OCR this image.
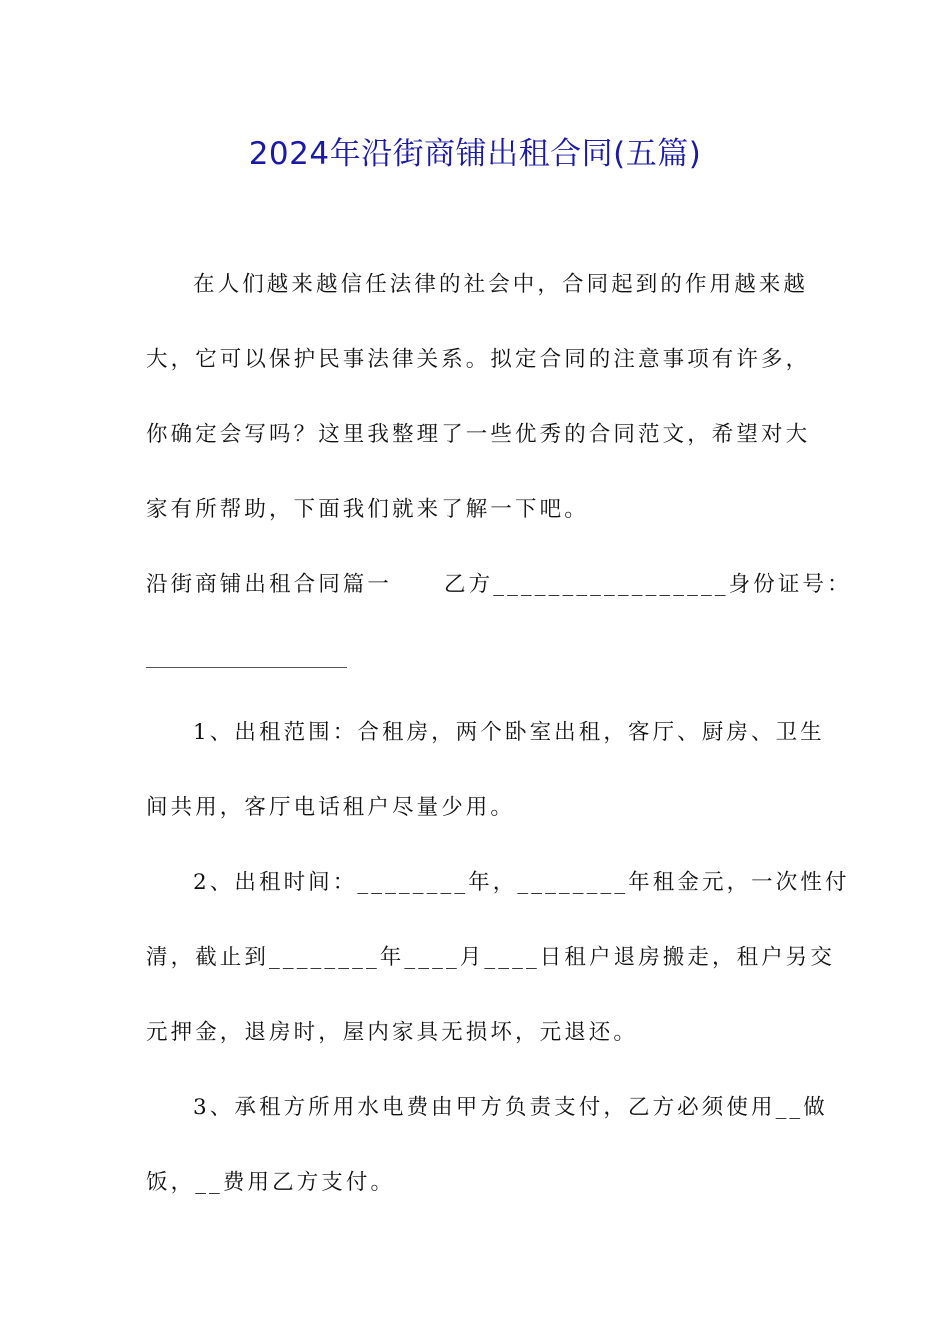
2024年沿街商铺出租合同(五篇)
在人们越来越信任法律的社会中，合同起到的作用越来越
大，它可以保护民事法律关系。拟定合同的注意事项有许多，
你确定会写吗？这里我整理了一些优秀的合同范文，希望对大
家有所帮助，下面我们就来了解一下吧。
沿街商铺出租合同篇一 乙方_________________身份证号：
1、出租范围：合租房，两个卧室出租，客厅、厨房、卫生
间共用，客厅电话租户尽量少用。
2、出租时间：________年，________年租金元，一次性付
清，截止到________年____月____日租户退房搬走，租户另交
元押金，退房时，屋内家具无损坏，元退还。
3、承租方所用水电费由甲方负责支付，乙方必须使用__做
饭，__费用乙方支付。
